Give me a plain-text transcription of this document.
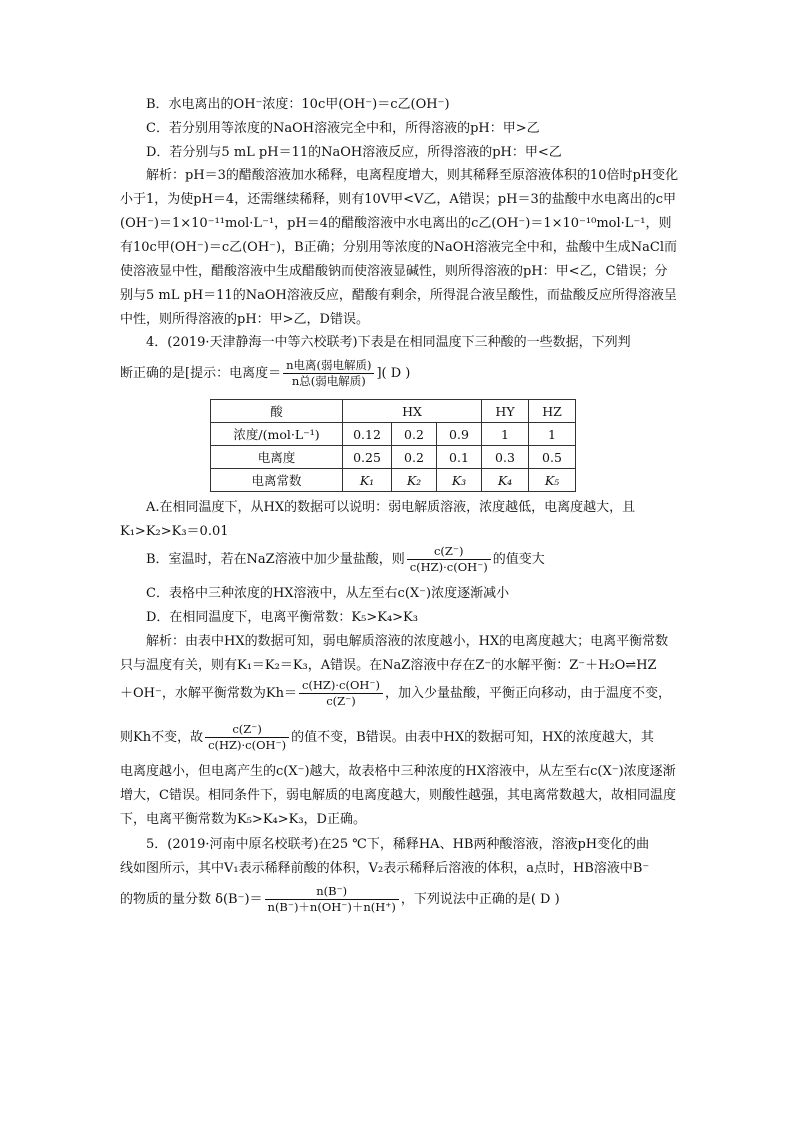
B．水电离出的OH⁻浓度：10c甲(OH⁻)＝c乙(OH⁻)
C．若分别用等浓度的NaOH溶液完全中和，所得溶液的pH：甲>乙
D．若分别与5 mL pH＝11的NaOH溶液反应，所得溶液的pH：甲<乙
解析：pH＝3的醋酸溶液加水稀释，电离程度增大，则其稀释至原溶液体积的10倍时pH变化小于1，为使pH＝4，还需继续稀释，则有10V甲<V乙，A错误；pH＝3的盐酸中水电离出的c甲(OH⁻)＝1×10⁻¹¹mol·L⁻¹，pH＝4的醋酸溶液中水电离出的c乙(OH⁻)＝1×10⁻¹⁰mol·L⁻¹，则有10c甲(OH⁻)＝c乙(OH⁻)，B正确；分别用等浓度的NaOH溶液完全中和，盐酸中生成NaCl而使溶液显中性，醋酸溶液中生成醋酸钠而使溶液显碱性，则所得溶液的pH：甲<乙，C错误；分别与5 mL pH＝11的NaOH溶液反应，醋酸有剩余，所得混合液呈酸性，而盐酸反应所得溶液呈中性，则所得溶液的pH：甲>乙，D错误。
4．(2019·天津静海一中等六校联考)下表是在相同温度下三种酸的一些数据，下列判
断正确的是[提示：电离度＝ $\frac{\text{n电离(弱电解质)}}{\text{n总(弱电解质)}}$ ]( D )
酸	HX			HY	HZ
浓度/(mol·L⁻¹)	0.12	0.2	0.9	1	1
电离度	0.25	0.2	0.1	0.3	0.5
电离常数	K₁	K₂	K₃	K₄	K₅
A.在相同温度下，从HX的数据可以说明：弱电解质溶液，浓度越低，电离度越大，且
K₁>K₂>K₃＝0.01
B．室温时，若在NaZ溶液中加少量盐酸，则 $\frac{c(Z^-)}{c(HZ)\cdot c(OH^-)}$ 的值变大
C．表格中三种浓度的HX溶液中，从左至右c(X⁻)浓度逐渐减小
D．在相同温度下，电离平衡常数：K₅>K₄>K₃
解析：由表中HX的数据可知，弱电解质溶液的浓度越小，HX的电离度越大；电离平衡常数只与温度有关，则有K₁＝K₂＝K₃，A错误。在NaZ溶液中存在Z⁻的水解平衡：Z⁻＋H₂O⇌HZ
＋OH⁻，水解平衡常数为$Kh= \frac{c(HZ)\cdot c(OH^-)}{c(Z^-)}$ ，加入少量盐酸，平衡正向移动，由于温度不变，
则Kh不变，故 $\frac{c(Z^-)}{c(HZ)\cdot c(OH^-)}$ 的值不变，B错误。由表中HX的数据可知，HX的浓度越大，其
电离度越小，但电离产生的c(X⁻)越大，故表格中三种浓度的HX溶液中，从左至右c(X⁻)浓度逐渐增大，C错误。相同条件下，弱电解质的电离度越大，则酸性越强，其电离常数越大，故相同温度下，电离平衡常数为K₅>K₄>K₃，D正确。
5．(2019·河南中原名校联考)在25 ℃下，稀释HA、HB两种酸溶液，溶液pH变化的曲
线如图所示，其中V₁表示稀释前酸的体积，V₂表示稀释后溶液的体积，a点时，HB溶液中B⁻
的物质的量分数 $\delta(B^-)= \frac{n(B^-)}{n(B^-)+n(OH^-)+n(H^+)}$ ，下列说法中正确的是( D )
